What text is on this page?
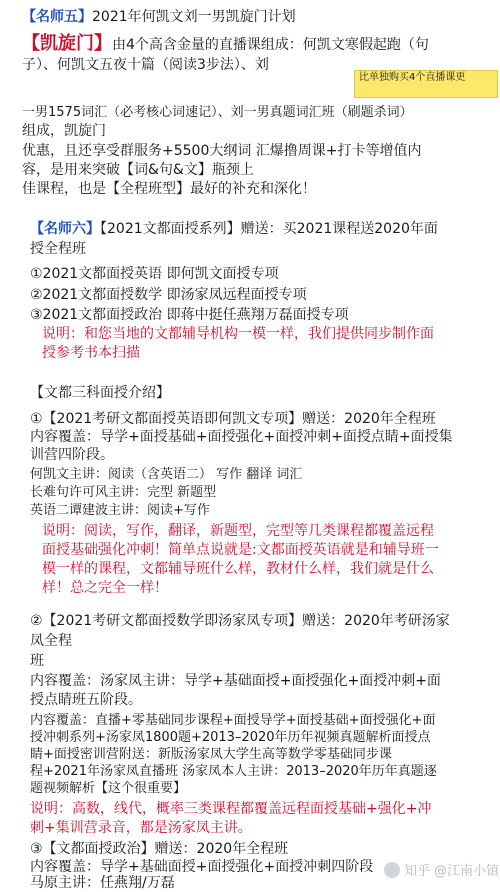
【名师五】2021年何凯文刘一男凯旋门计划
【凯旋门】由4个高含金量的直播课组成：何凯文寒假起跑（句
子）、何凯文五夜十篇（阅读3步法）、刘
比单独购买4个直播课更
一男1575词汇（必考核心词速记）、刘一男真题词汇班（刷题杀词）
组成，凯旋门
优惠，且还享受群服务+5500大纲词 汇爆撸周课+打卡等增值内
容，是用来突破【词&句&文】瓶颈上
佳课程，也是【全程班型】最好的补充和深化！
【名师六】【2021文都面授系列】赠送：买2021课程送2020年面
授全程班
①2021文都面授英语 即何凯文面授专项
②2021文都面授数学 即汤家凤远程面授专项
③2021文都面授政治 即蒋中挺任燕翔万磊面授专项
说明：和您当地的文都辅导机构一模一样，我们提供同步制作面
授参考书本扫描
【文都三科面授介绍】
①【2021考研文都面授英语即何凯文专项】赠送：2020年全程班
内容覆盖：导学+面授基础+面授强化+面授冲刺+面授点睛+面授集
训营四阶段。
何凯文主讲：阅读（含英语二） 写作 翻译 词汇
长难句许可风主讲：完型 新题型
英语二谭建波主讲：阅读+写作
说明：阅读，写作，翻译，新题型，完型等几类课程都覆盖远程
面授基础强化冲刺！简单点说就是:文都面授英语就是和辅导班一
模一样的课程，文都辅导班什么样，教材什么样，我们就是什么
样！总之完全一样！
②【2021考研文都面授数学即汤家凤专项】赠送：2020年考研汤家
凤全程
班
内容覆盖：汤家凤主讲：导学+基础面授+面授强化+面授冲刺+面
授点睛班五阶段。
内容覆盖：直播+零基础同步课程+面授导学+面授基础+面授强化+面
授冲刺系列+汤家凤1800题+2013–2020年历年视频真题解析面授点
睛+面授密训营附送：新版汤家凤大学生高等数学零基础同步课
程+2021年汤家凤直播班 汤家凤本人主讲：2013–2020年历年真题逐
题视频解析【这个很重要】
说明：高数，线代，概率三类课程都覆盖远程面授基础+强化+冲
刺+集训营录音，都是汤家凤主讲。
③【文都面授政治】赠送：2020年全程班
内容覆盖：导学+基础面授+面授强化+面授冲刺四阶段
马原主讲：任燕翔/万磊
知乎 @江南小镇
